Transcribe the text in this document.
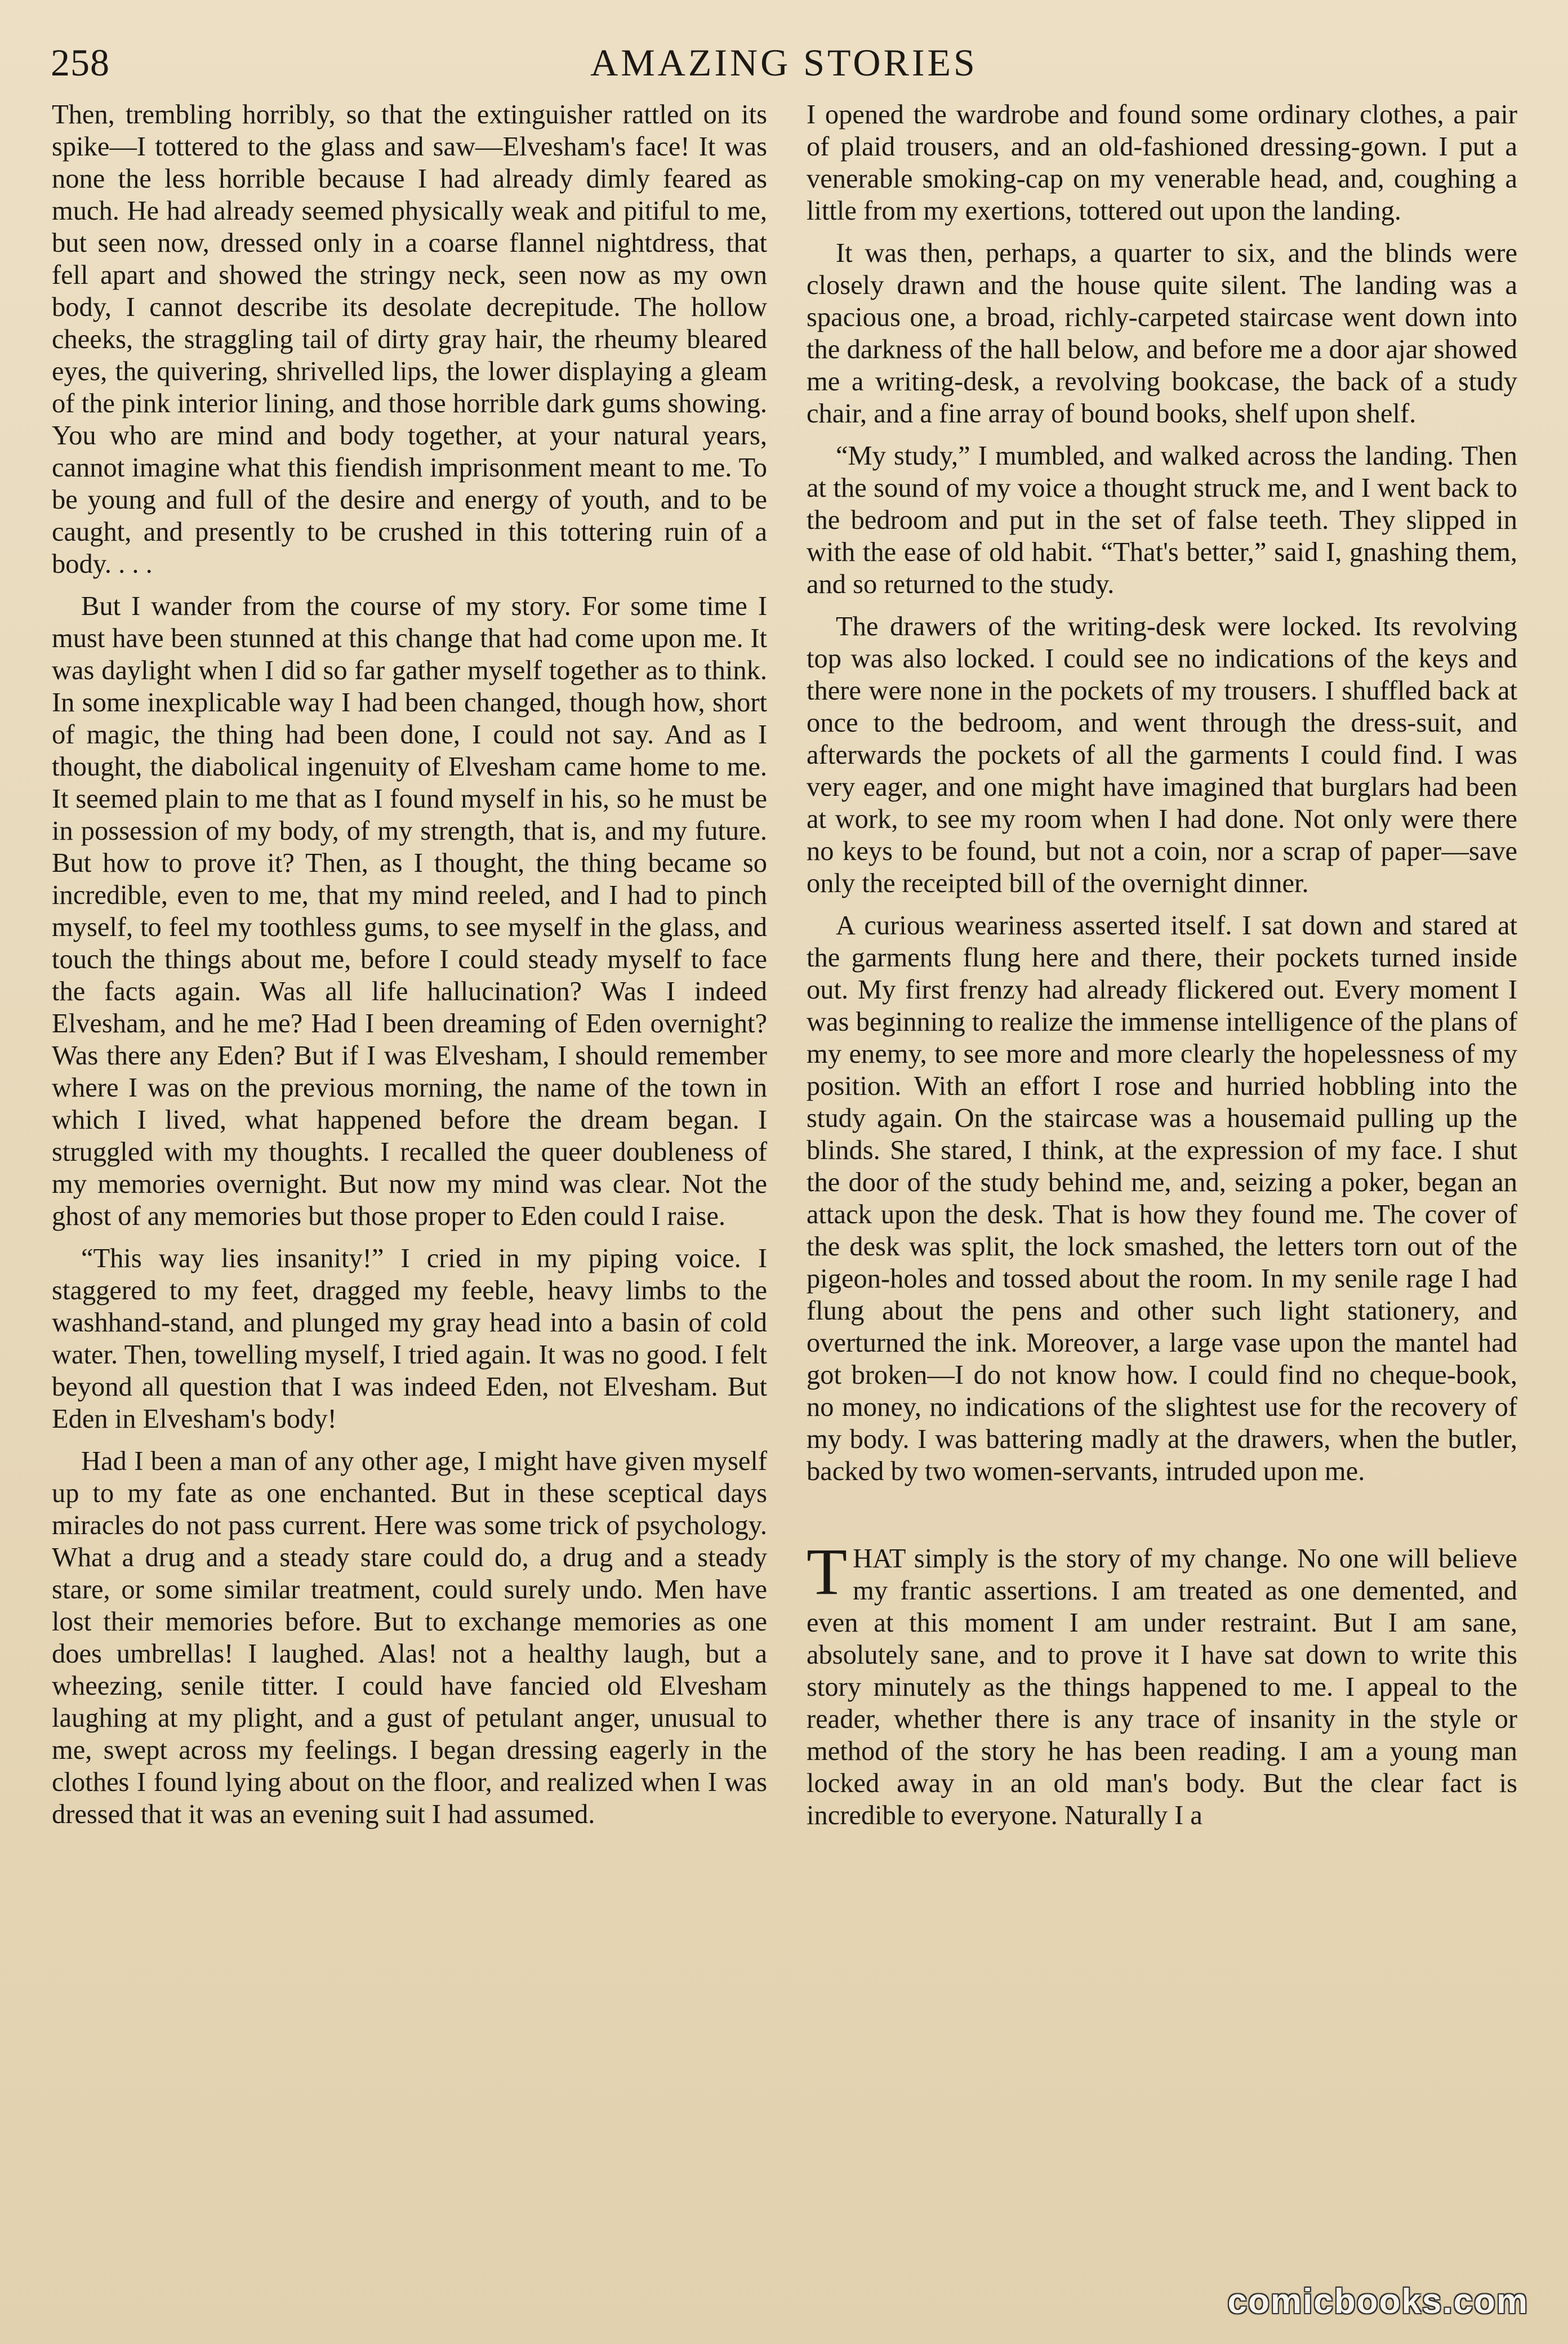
258	AMAZING STORIES

Then, trembling horribly, so that the extinguisher rattled on its spike—I tottered to the glass and saw—Elvesham's face! It was none the less horrible because I had already dimly feared as much. He had already seemed physically weak and pitiful to me, but seen now, dressed only in a coarse flannel nightdress, that fell apart and showed the stringy neck, seen now as my own body, I cannot describe its desolate decrepitude. The hollow cheeks, the straggling tail of dirty gray hair, the rheumy bleared eyes, the quivering, shrivelled lips, the lower displaying a gleam of the pink interior lining, and those horrible dark gums showing. You who are mind and body together, at your natural years, cannot imagine what this fiendish imprisonment meant to me. To be young and full of the desire and energy of youth, and to be caught, and presently to be crushed in this tottering ruin of a body. . . .

But I wander from the course of my story. For some time I must have been stunned at this change that had come upon me. It was daylight when I did so far gather myself together as to think. In some inexplicable way I had been changed, though how, short of magic, the thing had been done, I could not say. And as I thought, the diabolical ingenuity of Elvesham came home to me. It seemed plain to me that as I found myself in his, so he must be in possession of my body, of my strength, that is, and my future. But how to prove it? Then, as I thought, the thing became so incredible, even to me, that my mind reeled, and I had to pinch myself, to feel my toothless gums, to see myself in the glass, and touch the things about me, before I could steady myself to face the facts again. Was all life hallucination? Was I indeed Elvesham, and he me? Had I been dreaming of Eden overnight? Was there any Eden? But if I was Elvesham, I should remember where I was on the previous morning, the name of the town in which I lived, what happened before the dream began. I struggled with my thoughts. I recalled the queer doubleness of my memories overnight. But now my mind was clear. Not the ghost of any memories but those proper to Eden could I raise.

“This way lies insanity!” I cried in my piping voice. I staggered to my feet, dragged my feeble, heavy limbs to the washhand-stand, and plunged my gray head into a basin of cold water. Then, towelling myself, I tried again. It was no good. I felt beyond all question that I was indeed Eden, not Elvesham. But Eden in Elvesham's body!

Had I been a man of any other age, I might have given myself up to my fate as one enchanted. But in these sceptical days miracles do not pass current. Here was some trick of psychology. What a drug and a steady stare could do, a drug and a steady stare, or some similar treatment, could surely undo. Men have lost their memories before. But to exchange memories as one does umbrellas! I laughed. Alas! not a healthy laugh, but a wheezing, senile titter. I could have fancied old Elvesham laughing at my plight, and a gust of petulant anger, unusual to me, swept across my feelings. I began dressing eagerly in the clothes I found lying about on the floor, and realized when I was dressed that it was an evening suit I had assumed.

I opened the wardrobe and found some ordinary clothes, a pair of plaid trousers, and an old-fashioned dressing-gown. I put a venerable smoking-cap on my venerable head, and, coughing a little from my exertions, tottered out upon the landing.

It was then, perhaps, a quarter to six, and the blinds were closely drawn and the house quite silent. The landing was a spacious one, a broad, richly-carpeted staircase went down into the darkness of the hall below, and before me a door ajar showed me a writing-desk, a revolving bookcase, the back of a study chair, and a fine array of bound books, shelf upon shelf.

“My study,” I mumbled, and walked across the landing. Then at the sound of my voice a thought struck me, and I went back to the bedroom and put in the set of false teeth. They slipped in with the ease of old habit. “That's better,” said I, gnashing them, and so returned to the study.

The drawers of the writing-desk were locked. Its revolving top was also locked. I could see no indications of the keys and there were none in the pockets of my trousers. I shuffled back at once to the bedroom, and went through the dress-suit, and afterwards the pockets of all the garments I could find. I was very eager, and one might have imagined that burglars had been at work, to see my room when I had done. Not only were there no keys to be found, but not a coin, nor a scrap of paper—save only the receipted bill of the overnight dinner.

A curious weariness asserted itself. I sat down and stared at the garments flung here and there, their pockets turned inside out. My first frenzy had already flickered out. Every moment I was beginning to realize the immense intelligence of the plans of my enemy, to see more and more clearly the hopelessness of my position. With an effort I rose and hurried hobbling into the study again. On the staircase was a housemaid pulling up the blinds. She stared, I think, at the expression of my face. I shut the door of the study behind me, and, seizing a poker, began an attack upon the desk. That is how they found me. The cover of the desk was split, the lock smashed, the letters torn out of the pigeon-holes and tossed about the room. In my senile rage I had flung about the pens and other such light stationery, and overturned the ink. Moreover, a large vase upon the mantel had got broken—I do not know how. I could find no cheque-book, no money, no indications of the slightest use for the recovery of my body. I was battering madly at the drawers, when the butler, backed by two women-servants, intruded upon me.

THAT simply is the story of my change. No one will believe my frantic assertions. I am treated as one demented, and even at this moment I am under restraint. But I am sane, absolutely sane, and to prove it I have sat down to write this story minutely as the things happened to me. I appeal to the reader, whether there is any trace of insanity in the style or method of the story he has been reading. I am a young man locked away in an old man's body. But the clear fact is incredible to everyone. Naturally I a

comicbooks.com
